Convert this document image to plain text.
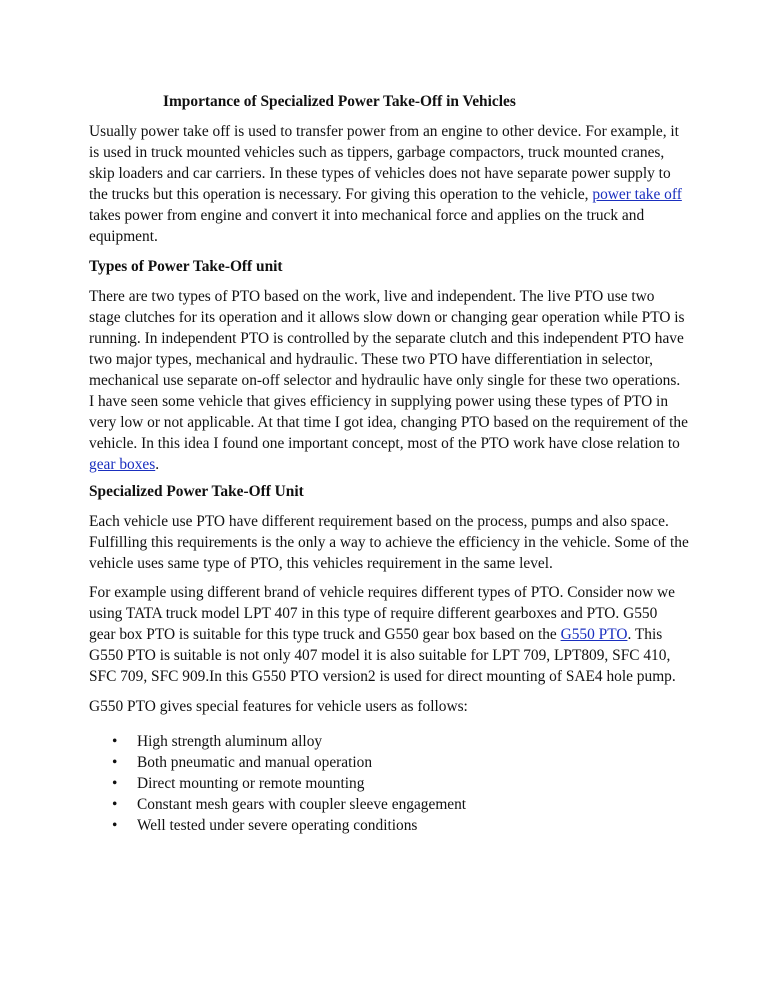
Importance of Specialized Power Take-Off in Vehicles
Usually power take off is used to transfer power from an engine to other device. For example, it
is used in truck mounted vehicles such as tippers, garbage compactors, truck mounted cranes,
skip loaders and car carriers. In these types of vehicles does not have separate power supply to
the trucks but this operation is necessary. For giving this operation to the vehicle, power take off
takes power from engine and convert it into mechanical force and applies on the truck and
equipment.
Types of Power Take-Off unit
There are two types of PTO based on the work, live and independent. The live PTO use two
stage clutches for its operation and it allows slow down or changing gear operation while PTO is
running. In independent PTO is controlled by the separate clutch and this independent PTO have
two major types, mechanical and hydraulic. These two PTO have differentiation in selector,
mechanical use separate on-off selector and hydraulic have only single for these two operations.
I have seen some vehicle that gives efficiency in supplying power using these types of PTO in
very low or not applicable. At that time I got idea, changing PTO based on the requirement of the
vehicle. In this idea I found one important concept, most of the PTO work have close relation to
gear boxes.
Specialized Power Take-Off Unit
Each vehicle use PTO have different requirement based on the process, pumps and also space.
Fulfilling this requirements is the only a way to achieve the efficiency in the vehicle. Some of the
vehicle uses same type of PTO, this vehicles requirement in the same level.
For example using different brand of vehicle requires different types of PTO. Consider now we
using TATA truck model LPT 407 in this type of require different gearboxes and PTO. G550
gear box PTO is suitable for this type truck and G550 gear box based on the G550 PTO. This
G550 PTO is suitable is not only 407 model it is also suitable for LPT 709, LPT809, SFC 410,
SFC 709, SFC 909.In this G550 PTO version2 is used for direct mounting of SAE4 hole pump.
G550 PTO gives special features for vehicle users as follows:
• High strength aluminum alloy
• Both pneumatic and manual operation
• Direct mounting or remote mounting
• Constant mesh gears with coupler sleeve engagement
• Well tested under severe operating conditions
